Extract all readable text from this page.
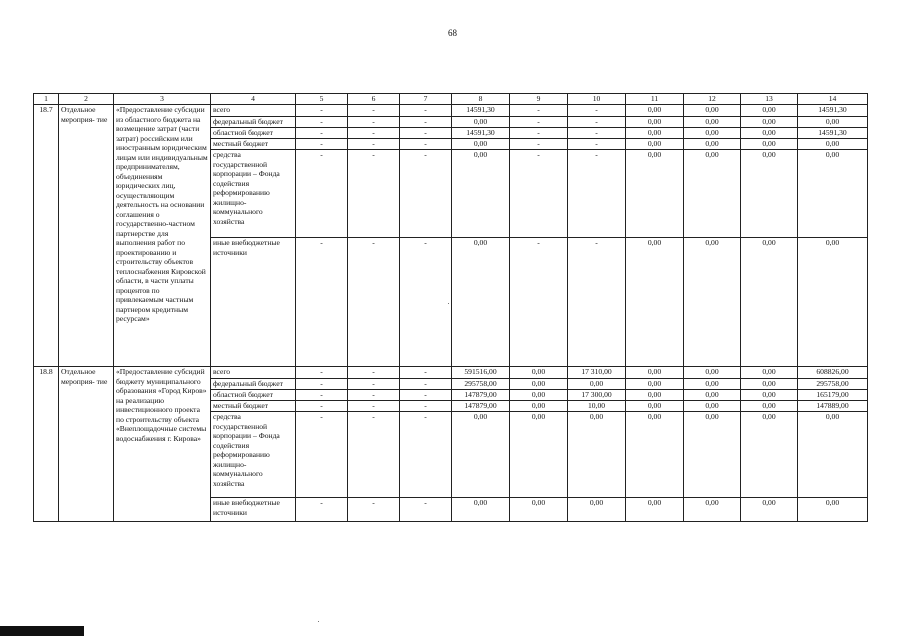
68
1	2	3	4	5	6	7	8	9	10	11	12	13	14
18.7	Отдельное мероприя- тие	«Предоставление субсидии из областного бюджета на возмещение затрат (части затрат) российским или иностранным юридическим лицам или индивидуальным предпринимателям, объединениям юридических лиц, осуществляющим деятельность на основании соглашения о государственно-частном партнерстве для выполнения работ по проектированию и строительству объектов теплоснабжения Кировской области, в части уплаты процентов по привлекаемым частным партнером кредитным ресурсам»	всего	-	-	-	14591,30	-	-	0,00	0,00	0,00	14591,30
			федеральный бюджет	-	-	-	0,00	-	-	0,00	0,00	0,00	0,00
			областной бюджет	-	-	-	14591,30	-	-	0,00	0,00	0,00	14591,30
			местный бюджет	-	-	-	0,00	-	-	0,00	0,00	0,00	0,00
			средства государственной корпорации – Фонда содействия реформированию жилищно-коммунального хозяйства	-	-	-	0,00	-	-	0,00	0,00	0,00	0,00
			иные внебюджетные источники	-	-	-	0,00	-	-	0,00	0,00	0,00	0,00
18.8	Отдельное мероприя- тие	«Предоставление субсидий бюджету муниципального образования «Город Киров» на реализацию инвестиционного проекта по строительству объекта «Внеплощадочные системы водоснабжения г. Кирова»	всего	-	-	-	591516,00	0,00	17 310,00	0,00	0,00	0,00	608826,00
			федеральный бюджет	-	-	-	295758,00	0,00	0,00	0,00	0,00	0,00	295758,00
			областной бюджет	-	-	-	147879,00	0,00	17 300,00	0,00	0,00	0,00	165179,00
			местный бюджет	-	-	-	147879,00	0,00	10,00	0,00	0,00	0,00	147889,00
			средства государственной корпорации – Фонда содействия реформированию жилищно-коммунального хозяйства	-	-	-	0,00	0,00	0,00	0,00	0,00	0,00	0,00
			иные внебюджетные источники	-	-	-	0,00	0,00	0,00	0,00	0,00	0,00	0,00
